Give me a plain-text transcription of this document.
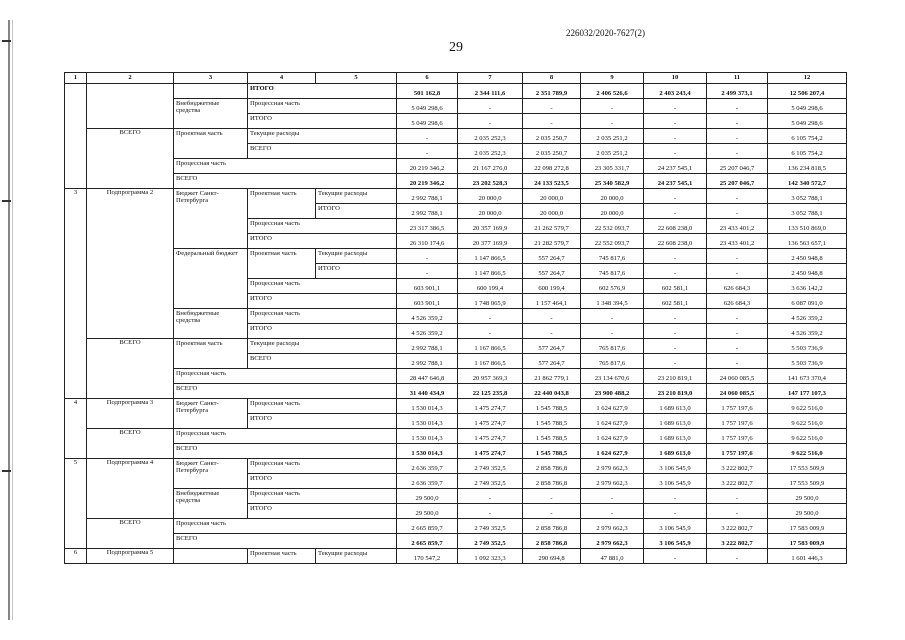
226032/2020-7627(2)
29
1	2	3	4	5	6	7	8	9	10	11	12
			ИТОГО		501 162,8	2 344 111,6	2 351 789,9	2 406 526,6	2 403 243,4	2 499 373,1	12 506 207,4
		Внебюджетные средства	Процессная часть		5 049 298,6	-	-	-	-	-	5 049 298,6
			ИТОГО		5 049 298,6	-	-	-	-	-	5 049 298,6
	ВСЕГО	Проектная часть	Текущие расходы		-	2 035 252,3	2 035 250,7	2 035 251,2	-	-	6 105 754,2
			ВСЕГО		-	2 035 252,3	2 035 250,7	2 035 251,2	-	-	6 105 754,2
		Процессная часть			20 219 346,2	21 167 276,0	22 098 272,8	23 305 331,7	24 237 545,1	25 207 046,7	136 234 818,5
		ВСЕГО			20 219 346,2	23 202 528,3	24 133 523,5	25 340 582,9	24 237 545,1	25 207 046,7	142 340 572,7
3	Подпрограмма 2	Бюджет Санкт-Петербурга	Проектная часть	Текущие расходы	2 992 788,1	20 000,0	20 000,0	20 000,0	-	-	3 052 788,1
				ИТОГО	2 992 788,1	20 000,0	20 000,0	20 000,0	-	-	3 052 788,1
			Процессная часть		23 317 386,5	20 357 169,9	21 262 579,7	22 532 093,7	22 608 238,0	23 433 401,2	133 510 869,0
			ИТОГО		26 310 174,6	20 377 169,9	21 282 579,7	22 552 093,7	22 608 238,0	23 433 401,2	136 563 657,1
		Федеральный бюджет	Проектная часть	Текущие расходы	-	1 147 866,5	557 264,7	745 817,6	-	-	2 450 948,8
				ИТОГО	-	1 147 866,5	557 264,7	745 817,6	-	-	2 450 948,8
			Процессная часть		603 901,1	600 199,4	600 199,4	602 576,9	602 581,1	626 684,3	3 636 142,2
			ИТОГО		603 901,1	1 748 065,9	1 157 464,1	1 348 394,5	602 581,1	626 684,3	6 087 091,0
		Внебюджетные средства	Процессная часть		4 526 359,2	-	-	-	-	-	4 526 359,2
			ИТОГО		4 526 359,2	-	-	-	-	-	4 526 359,2
	ВСЕГО	Проектная часть	Текущие расходы		2 992 788,1	1 167 866,5	577 264,7	765 817,6	-	-	5 503 736,9
			ВСЕГО		2 992 788,1	1 167 866,5	577 264,7	765 817,6	-	-	5 503 736,9
		Процессная часть			28 447 646,8	20 957 369,3	21 862 779,1	23 134 670,6	23 210 819,1	24 060 085,5	141 673 370,4
		ВСЕГО			31 440 434,9	22 125 235,8	22 440 043,8	23 900 488,2	23 210 819,0	24 060 085,5	147 177 107,3
4	Подпрограмма 3	Бюджет Санкт-Петербурга	Процессная часть		1 530 014,3	1 475 274,7	1 545 788,5	1 624 627,9	1 689 613,0	1 757 197,6	9 622 516,0
			ИТОГО		1 530 014,3	1 475 274,7	1 545 788,5	1 624 627,9	1 689 613,0	1 757 197,6	9 622 516,0
	ВСЕГО	Процессная часть			1 530 014,3	1 475 274,7	1 545 788,5	1 624 627,9	1 689 613,0	1 757 197,6	9 622 516,0
		ВСЕГО			1 530 014,3	1 475 274,7	1 545 788,5	1 624 627,9	1 689 613,0	1 757 197,6	9 622 516,0
5	Подпрограмма 4	Бюджет Санкт-Петербурга	Процессная часть		2 636 359,7	2 749 352,5	2 858 786,8	2 979 662,3	3 106 545,9	3 222 802,7	17 553 509,9
			ИТОГО		2 636 359,7	2 749 352,5	2 858 786,8	2 979 662,3	3 106 545,9	3 222 802,7	17 553 509,9
		Внебюджетные средства	Процессная часть		29 500,0	-	-	-	-	-	29 500,0
			ИТОГО		29 500,0	-	-	-	-	-	29 500,0
	ВСЕГО	Процессная часть			2 665 859,7	2 749 352,5	2 858 786,8	2 979 662,3	3 106 545,9	3 222 802,7	17 583 009,9
		ВСЕГО			2 665 859,7	2 749 352,5	2 858 786,8	2 979 662,3	3 106 545,9	3 222 802,7	17 583 009,9
6	Подпрограмма 5		Проектная часть	Текущие расходы	170 547,2	1 092 323,3	290 694,8	47 881,0	-	-	1 601 446,3
